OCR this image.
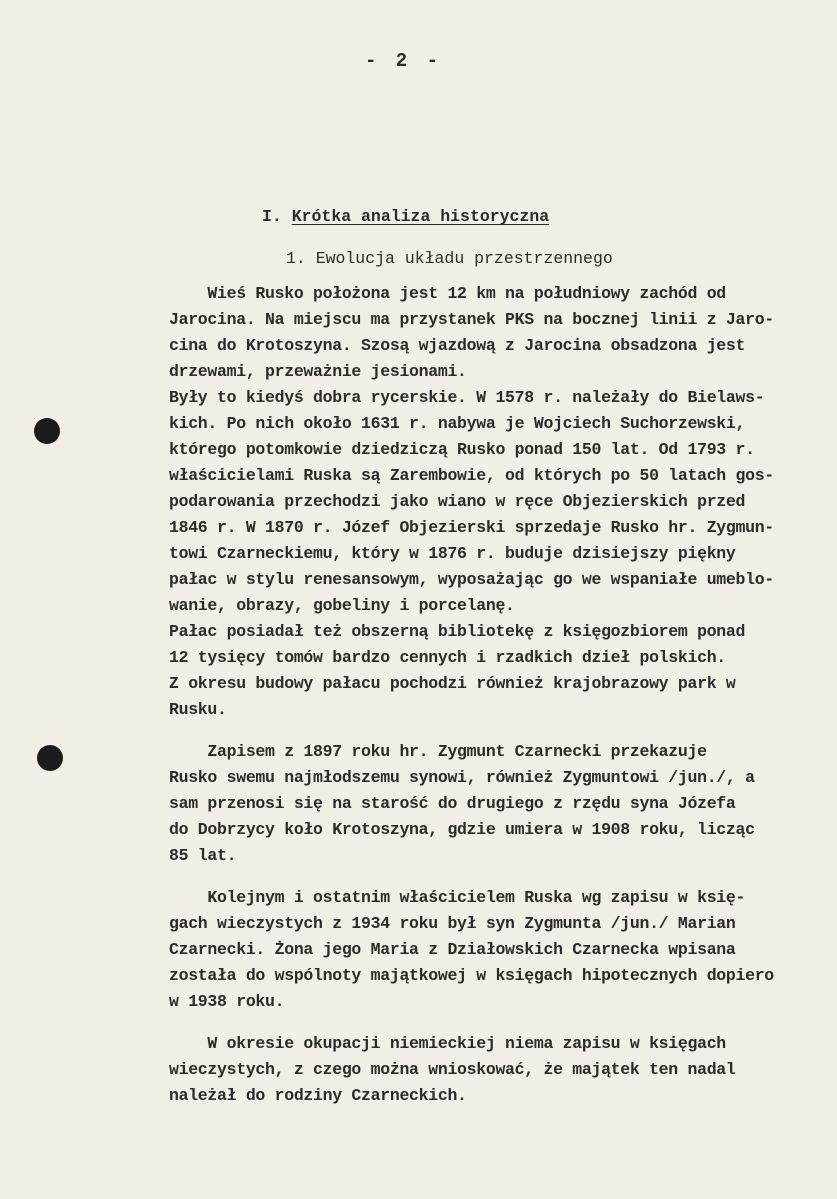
- 2 -
I. Krótka analiza historyczna
1. Ewolucja układu przestrzennego
Wieś Rusko położona jest 12 km na południowy zachód od
Jarocina. Na miejscu ma przystanek PKS na bocznej linii z Jaro-
cina do Krotoszyna. Szosą wjazdową z Jarocina obsadzona jest
drzewami, przeważnie jesionami.
Były to kiedyś dobra rycerskie. W 1578 r. należały do Bielaws-
kich. Po nich około 1631 r. nabywa je Wojciech Suchorzewski,
którego potomkowie dziedziczą Rusko ponad 150 lat. Od 1793 r.
właścicielami Ruska są Zarembowie, od których po 50 latach gos-
podarowania przechodzi jako wiano w ręce Objezierskich przed
1846 r. W 1870 r. Józef Objezierski sprzedaje Rusko hr. Zygmun-
towi Czarneckiemu, który w 1876 r. buduje dzisiejszy piękny
pałac w stylu renesansowym, wyposażając go we wspaniałe umeblo-
wanie, obrazy, gobeliny i porcelanę.
Pałac posiadał też obszerną bibliotekę z księgozbiorem ponad
12 tysięcy tomów bardzo cennych i rzadkich dzieł polskich.
Z okresu budowy pałacu pochodzi również krajobrazowy park w
Rusku.
Zapisem z 1897 roku hr. Zygmunt Czarnecki przekazuje
Rusko swemu najmłodszemu synowi, również Zygmuntowi /jun./, a
sam przenosi się na starość do drugiego z rzędu syna Józefa
do Dobrzycy koło Krotoszyna, gdzie umiera w 1908 roku, licząc
85 lat.
Kolejnym i ostatnim właścicielem Ruska wg zapisu w księ-
gach wieczystych z 1934 roku był syn Zygmunta /jun./ Marian
Czarnecki. Żona jego Maria z Działowskich Czarnecka wpisana
została do wspólnoty majątkowej w księgach hipotecznych dopiero
w 1938 roku.
W okresie okupacji niemieckiej niema zapisu w księgach
wieczystych, z czego można wnioskować, że majątek ten nadal
należał do rodziny Czarneckich.
